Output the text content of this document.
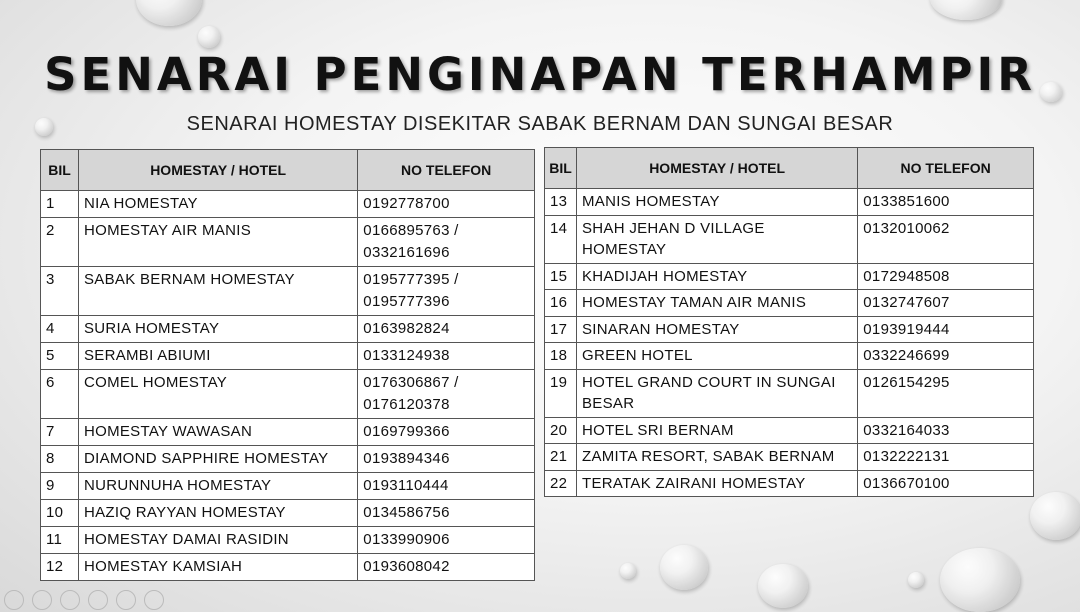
SENARAI PENGINAPAN TERHAMPIR
SENARAI HOMESTAY DISEKITAR SABAK BERNAM DAN SUNGAI BESAR
BIL	HOMESTAY / HOTEL	NO TELEFON
1	NIA HOMESTAY	0192778700
2	HOMESTAY AIR MANIS	0166895763 / 0332161696
3	SABAK BERNAM HOMESTAY	0195777395 / 0195777396
4	SURIA HOMESTAY	0163982824
5	SERAMBI ABIUMI	0133124938
6	COMEL HOMESTAY	0176306867 / 0176120378
7	HOMESTAY WAWASAN	0169799366
8	DIAMOND SAPPHIRE HOMESTAY	0193894346
9	NURUNNUHA HOMESTAY	0193110444
10	HAZIQ RAYYAN HOMESTAY	0134586756
11	HOMESTAY DAMAI RASIDIN	0133990906
12	HOMESTAY KAMSIAH	0193608042
BIL	HOMESTAY / HOTEL	NO TELEFON
13	MANIS HOMESTAY	0133851600
14	SHAH JEHAN D VILLAGE HOMESTAY	0132010062
15	KHADIJAH HOMESTAY	0172948508
16	HOMESTAY TAMAN AIR MANIS	0132747607
17	SINARAN HOMESTAY	0193919444
18	GREEN HOTEL	0332246699
19	HOTEL GRAND COURT IN SUNGAI BESAR	0126154295
20	HOTEL SRI BERNAM	0332164033
21	ZAMITA RESORT, SABAK BERNAM	0132222131
22	TERATAK ZAIRANI HOMESTAY	0136670100
